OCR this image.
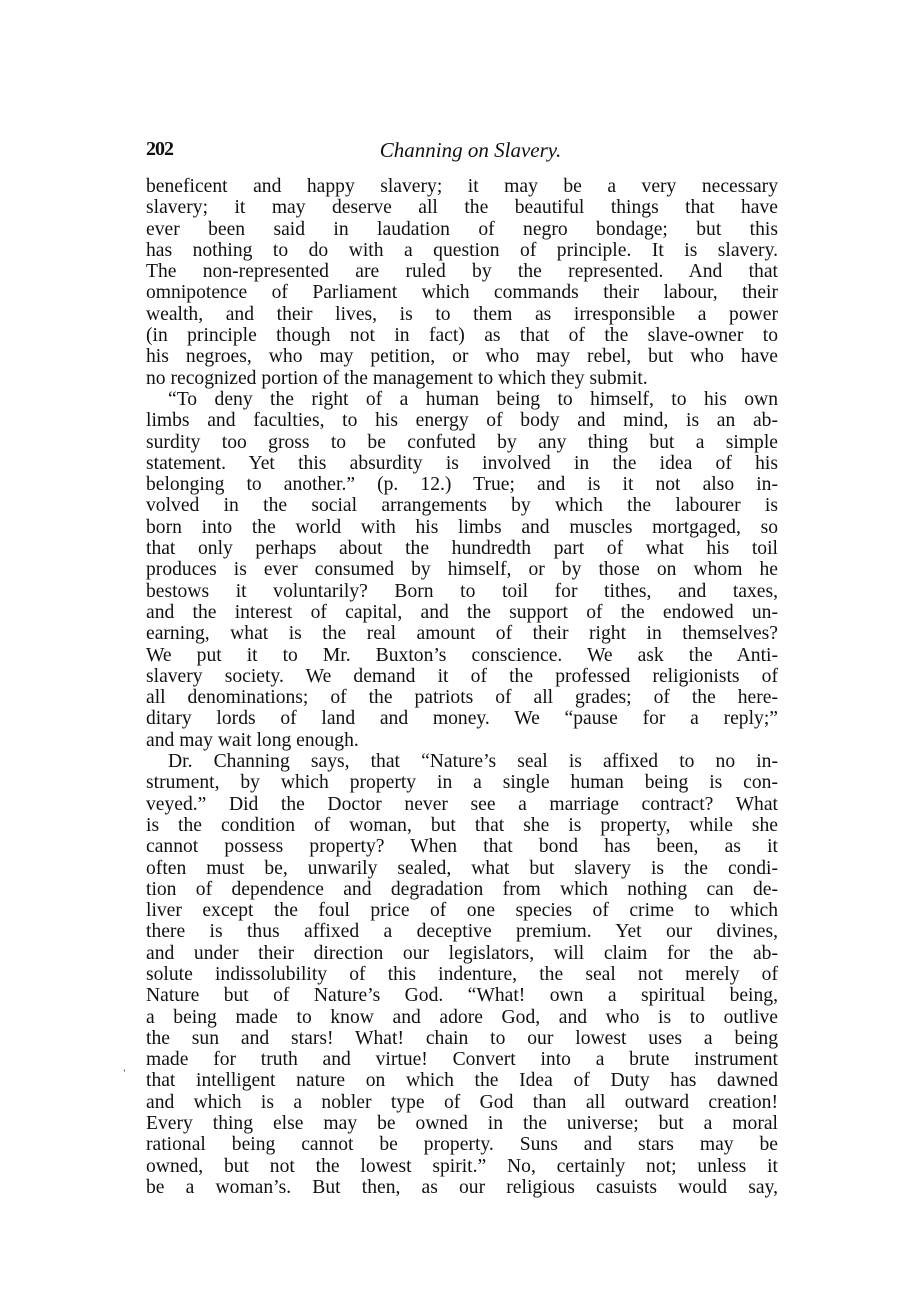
202	Channing on Slavery.
beneficent and happy slavery; it may be a very necessary
slavery; it may deserve all the beautiful things that have
ever been said in laudation of negro bondage; but this
has nothing to do with a question of principle. It is slavery.
The non-represented are ruled by the represented. And that
omnipotence of Parliament which commands their labour, their
wealth, and their lives, is to them as irresponsible a power
(in principle though not in fact) as that of the slave-owner to
his negroes, who may petition, or who may rebel, but who have
no recognized portion of the management to which they submit.
“To deny the right of a human being to himself, to his own
limbs and faculties, to his energy of body and mind, is an ab-
surdity too gross to be confuted by any thing but a simple
statement. Yet this absurdity is involved in the idea of his
belonging to another.” (p. 12.) True; and is it not also in-
volved in the social arrangements by which the labourer is
born into the world with his limbs and muscles mortgaged, so
that only perhaps about the hundredth part of what his toil
produces is ever consumed by himself, or by those on whom he
bestows it voluntarily? Born to toil for tithes, and taxes,
and the interest of capital, and the support of the endowed un-
earning, what is the real amount of their right in themselves?
We put it to Mr. Buxton’s conscience. We ask the Anti-
slavery society. We demand it of the professed religionists of
all denominations; of the patriots of all grades; of the here-
ditary lords of land and money. We “pause for a reply;”
and may wait long enough.
Dr. Channing says, that “Nature’s seal is affixed to no in-
strument, by which property in a single human being is con-
veyed.” Did the Doctor never see a marriage contract? What
is the condition of woman, but that she is property, while she
cannot possess property? When that bond has been, as it
often must be, unwarily sealed, what but slavery is the condi-
tion of dependence and degradation from which nothing can de-
liver except the foul price of one species of crime to which
there is thus affixed a deceptive premium. Yet our divines,
and under their direction our legislators, will claim for the ab-
solute indissolubility of this indenture, the seal not merely of
Nature but of Nature’s God. “What! own a spiritual being,
a being made to know and adore God, and who is to outlive
the sun and stars! What! chain to our lowest uses a being
made for truth and virtue! Convert into a brute instrument
that intelligent nature on which the Idea of Duty has dawned
and which is a nobler type of God than all outward creation!
Every thing else may be owned in the universe; but a moral
rational being cannot be property. Suns and stars may be
owned, but not the lowest spirit.” No, certainly not; unless it
be a woman’s. But then, as our religious casuists would say,
ˈ
